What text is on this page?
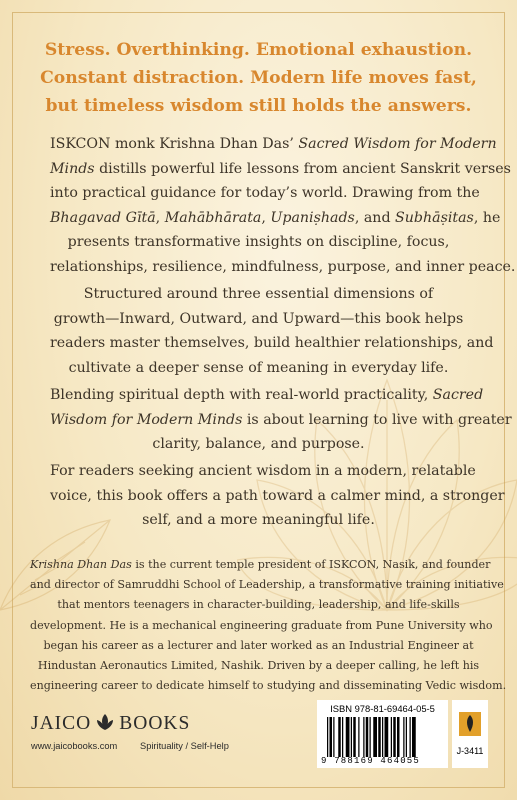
Stress. Overthinking. Emotional exhaustion.
Constant distraction. Modern life moves fast,
but timeless wisdom still holds the answers.
ISKCON monk Krishna Dhan Das’ Sacred Wisdom for Modern
Minds distills powerful life lessons from ancient Sanskrit verses
into practical guidance for today’s world. Drawing from the
Bhagavad Gītā, Mahābhārata, Upaniṣhads, and Subhāṣitas, he
presents transformative insights on discipline, focus,
relationships, resilience, mindfulness, purpose, and inner peace.
Structured around three essential dimensions of
growth—Inward, Outward, and Upward—this book helps
readers master themselves, build healthier relationships, and
cultivate a deeper sense of meaning in everyday life.
Blending spiritual depth with real-world practicality, Sacred
Wisdom for Modern Minds is about learning to live with greater
clarity, balance, and purpose.
For readers seeking ancient wisdom in a modern, relatable
voice, this book offers a path toward a calmer mind, a stronger
self, and a more meaningful life.
Krishna Dhan Das is the current temple president of ISKCON, Nasik, and founder
and director of Samruddhi School of Leadership, a transformative training initiative
that mentors teenagers in character-building, leadership, and life-skills
development. He is a mechanical engineering graduate from Pune University who
began his career as a lecturer and later worked as an Industrial Engineer at
Hindustan Aeronautics Limited, Nashik. Driven by a deeper calling, he left his
engineering career to dedicate himself to studying and disseminating Vedic wisdom.
JAICO BOOKS
www.jaicobooks.com Spirituality / Self-Help
ISBN 978-81-69464-05-5
9 788169 464055
J-3411
